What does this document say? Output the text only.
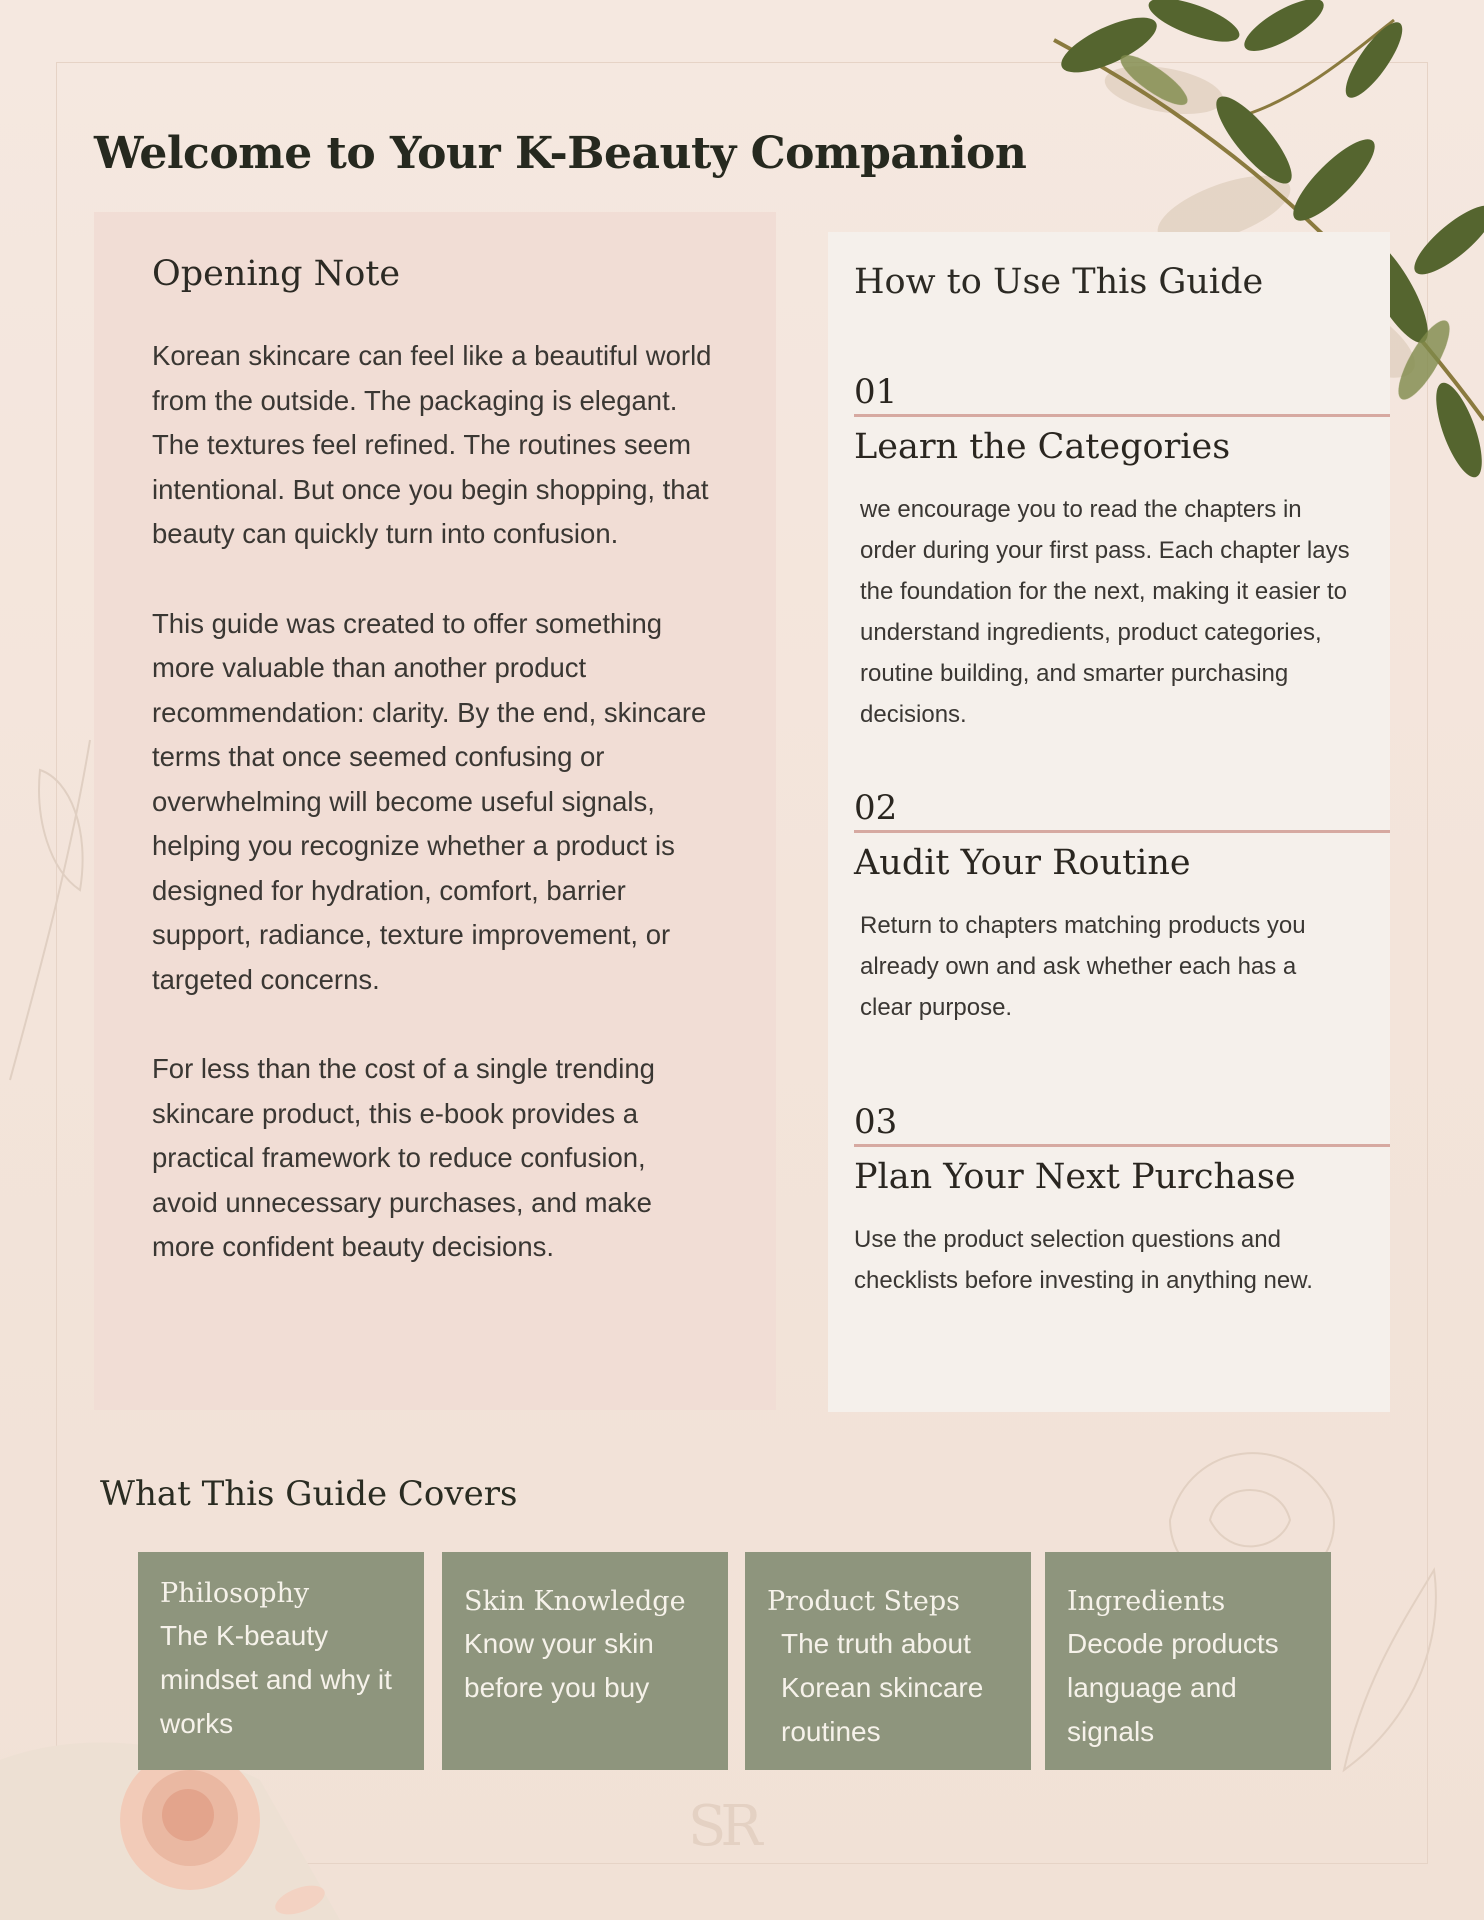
SR
Welcome to Your K-Beauty Companion
Opening Note

Korean skincare can feel like a beautiful world from the outside. The packaging is elegant. The textures feel refined. The routines seem intentional. But once you begin shopping, that beauty can quickly turn into confusion.

This guide was created to offer something more valuable than another product recommendation: clarity. By the end, skincare terms that once seemed confusing or overwhelming will become useful signals, helping you recognize whether a product is designed for hydration, comfort, barrier support, radiance, texture improvement, or targeted concerns.

For less than the cost of a single trending skincare product, this e-book provides a practical framework to reduce confusion, avoid unnecessary purchases, and make more confident beauty decisions.

How to Use This Guide
01
Learn the Categories
we encourage you to read the chapters in order during your first pass. Each chapter lays the foundation for the next, making it easier to understand ingredients, product categories, routine building, and smarter purchasing decisions.
02
Audit Your Routine
Return to chapters matching products you already own and ask whether each has a clear purpose.
03
Plan Your Next Purchase
Use the product selection questions and checklists before investing in anything new.
What This Guide Covers
Philosophy
The K-beauty mindset and why it works
Skin Knowledge
Know your skin before you buy
Product Steps
The truth about Korean skincare routines
Ingredients
Decode products language and signals
